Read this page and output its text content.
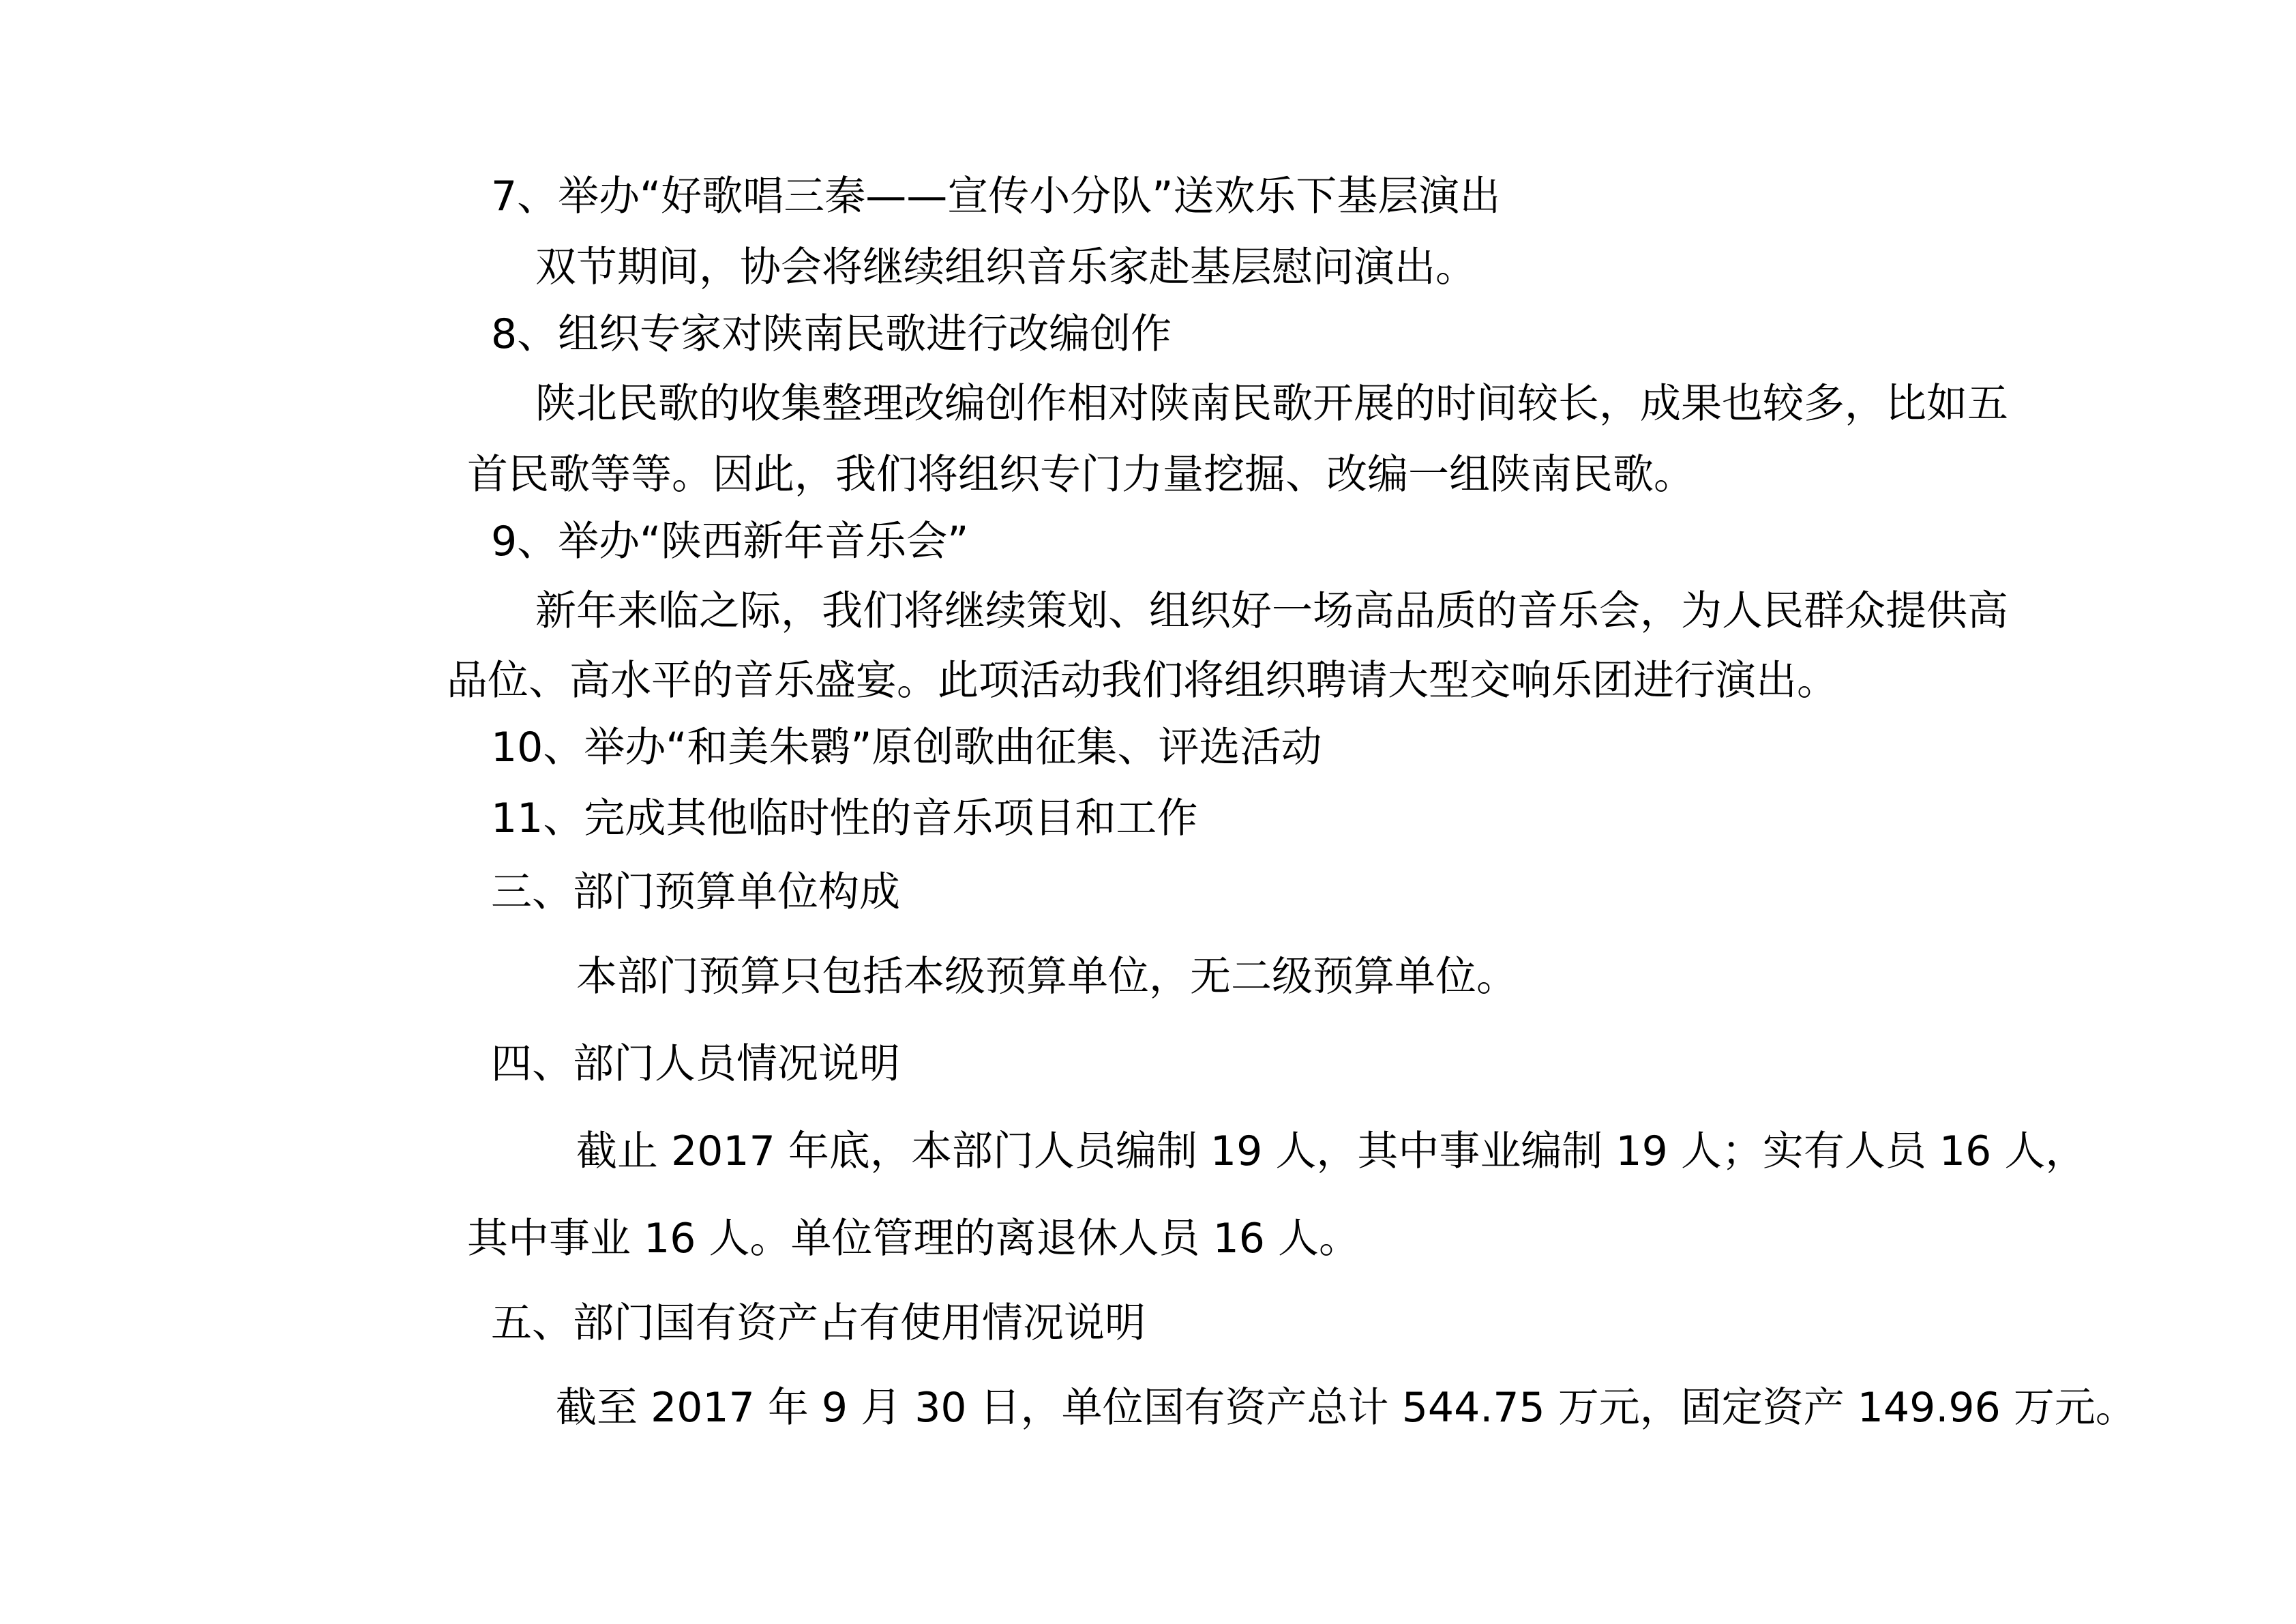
7、举办“好歌唱三秦——宣传小分队”送欢乐下基层演出
双节期间，协会将继续组织音乐家赴基层慰问演出。
8、组织专家对陕南民歌进行改编创作
陕北民歌的收集整理改编创作相对陕南民歌开展的时间较长，成果也较多，比如五
首民歌等等。因此，我们将组织专门力量挖掘、改编一组陕南民歌。
9、举办“陕西新年音乐会”
新年来临之际，我们将继续策划、组织好一场高品质的音乐会，为人民群众提供高
品位、高水平的音乐盛宴。此项活动我们将组织聘请大型交响乐团进行演出。
10、举办“和美朱鹮”原创歌曲征集、评选活动
11、完成其他临时性的音乐项目和工作
三、部门预算单位构成
本部门预算只包括本级预算单位，无二级预算单位。
四、部门人员情况说明
截止 2017 年底，本部门人员编制 19 人，其中事业编制 19 人；实有人员 16 人，
其中事业 16 人。单位管理的离退休人员 16 人。
五、部门国有资产占有使用情况说明
截至 2017 年 9 月 30 日，单位国有资产总计 544.75 万元，固定资产 149.96 万元。
